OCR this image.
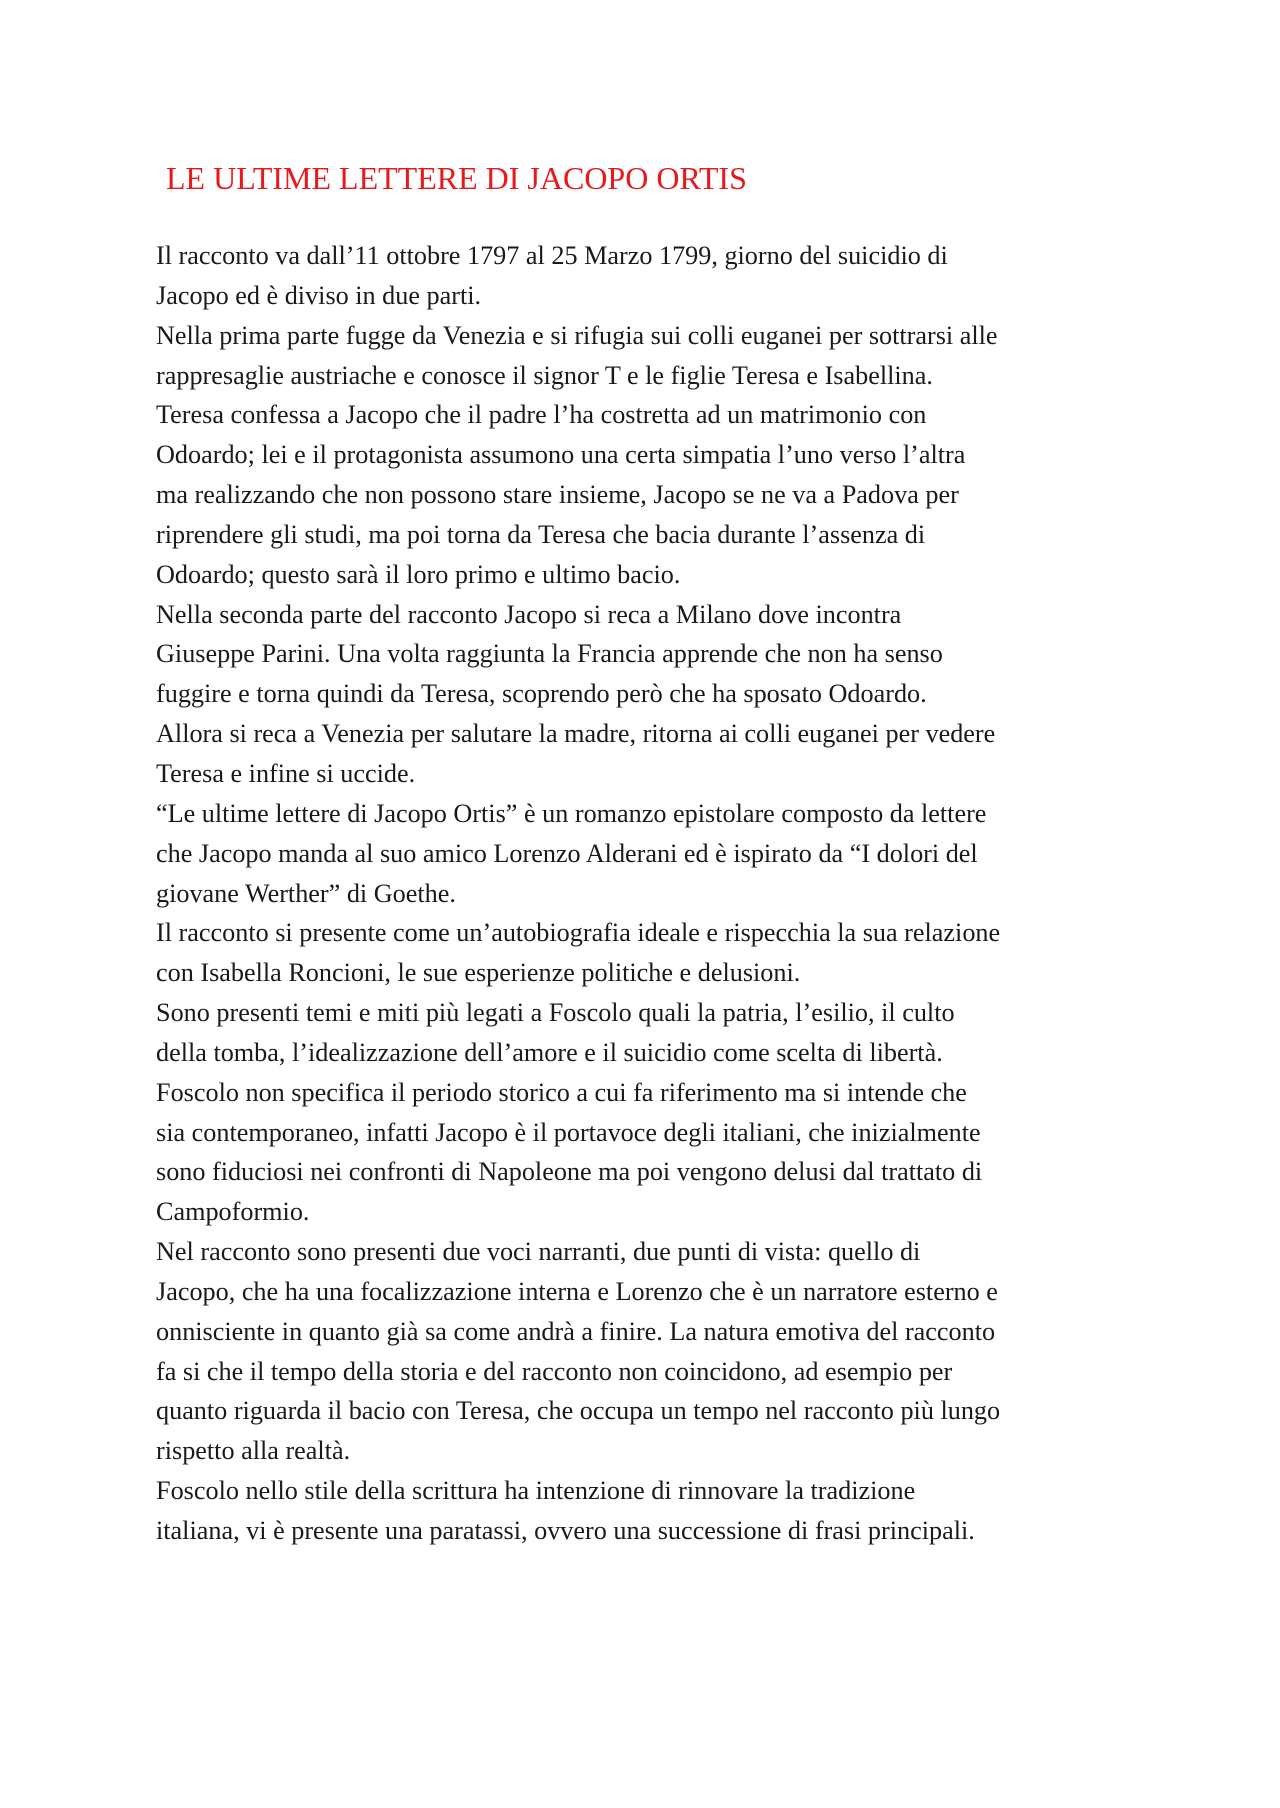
LE ULTIME LETTERE DI JACOPO ORTIS
Il racconto va dall’11 ottobre 1797 al 25 Marzo 1799, giorno del suicidio di
Jacopo ed è diviso in due parti.
Nella prima parte fugge da Venezia e si rifugia sui colli euganei per sottrarsi alle
rappresaglie austriache e conosce il signor T e le figlie Teresa e Isabellina.
Teresa confessa a Jacopo che il padre l’ha costretta ad un matrimonio con
Odoardo; lei e il protagonista assumono una certa simpatia l’uno verso l’altra
ma realizzando che non possono stare insieme, Jacopo se ne va a Padova per
riprendere gli studi, ma poi torna da Teresa che bacia durante l’assenza di
Odoardo; questo sarà il loro primo e ultimo bacio.
Nella seconda parte del racconto Jacopo si reca a Milano dove incontra
Giuseppe Parini. Una volta raggiunta la Francia apprende che non ha senso
fuggire e torna quindi da Teresa, scoprendo però che ha sposato Odoardo.
Allora si reca a Venezia per salutare la madre, ritorna ai colli euganei per vedere
Teresa e infine si uccide.
“Le ultime lettere di Jacopo Ortis” è un romanzo epistolare composto da lettere
che Jacopo manda al suo amico Lorenzo Alderani ed è ispirato da “I dolori del
giovane Werther” di Goethe.
Il racconto si presente come un’autobiografia ideale e rispecchia la sua relazione
con Isabella Roncioni, le sue esperienze politiche e delusioni.
Sono presenti temi e miti più legati a Foscolo quali la patria, l’esilio, il culto
della tomba, l’idealizzazione dell’amore e il suicidio come scelta di libertà.
Foscolo non specifica il periodo storico a cui fa riferimento ma si intende che
sia contemporaneo, infatti Jacopo è il portavoce degli italiani, che inizialmente
sono fiduciosi nei confronti di Napoleone ma poi vengono delusi dal trattato di
Campoformio.
Nel racconto sono presenti due voci narranti, due punti di vista: quello di
Jacopo, che ha una focalizzazione interna e Lorenzo che è un narratore esterno e
onnisciente in quanto già sa come andrà a finire. La natura emotiva del racconto
fa si che il tempo della storia e del racconto non coincidono, ad esempio per
quanto riguarda il bacio con Teresa, che occupa un tempo nel racconto più lungo
rispetto alla realtà.
Foscolo nello stile della scrittura ha intenzione di rinnovare la tradizione
italiana, vi è presente una paratassi, ovvero una successione di frasi principali.
